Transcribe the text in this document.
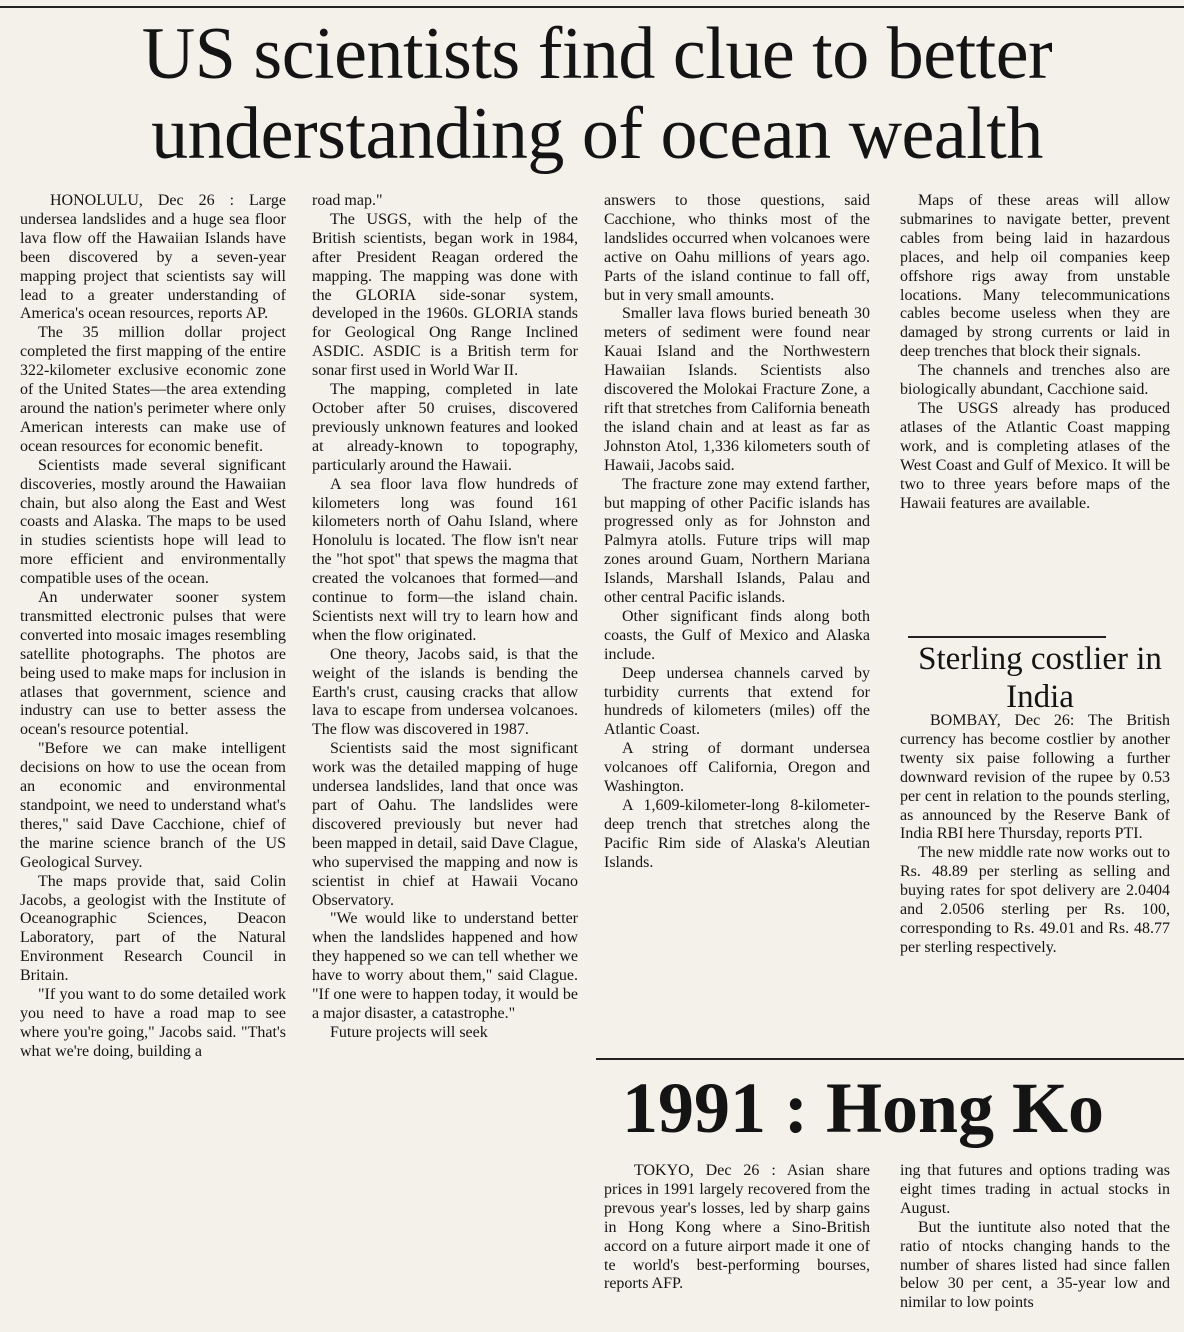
US scientists find clue to better understanding of ocean wealth

HONOLULU, Dec 26 : Large undersea landslides and a huge sea floor lava flow off the Hawaiian Islands have been discovered by a seven-year mapping project that scientists say will lead to a greater understanding of America's ocean resources, reports AP.

The 35 million dollar project completed the first mapping of the entire 322-kilometer exclusive economic zone of the United States—the area extending around the nation's perimeter where only American interests can make use of ocean resources for economic benefit.

Scientists made several significant discoveries, mostly around the Hawaiian chain, but also along the East and West coasts and Alaska. The maps to be used in studies scientists hope will lead to more efficient and environmentally compatible uses of the ocean.

An underwater sooner system transmitted electronic pulses that were converted into mosaic images resembling satellite photographs. The photos are being used to make maps for inclusion in atlases that government, science and industry can use to better assess the ocean's resource potential.

"Before we can make intelligent decisions on how to use the ocean from an economic and environmental standpoint, we need to understand what's theres," said Dave Cacchione, chief of the marine science branch of the US Geological Survey.

The maps provide that, said Colin Jacobs, a geologist with the Institute of Oceanographic Sciences, Deacon Laboratory, part of the Natural Environment Research Council in Britain.

"If you want to do some detailed work you need to have a road map to see where you're going," Jacobs said. "That's what we're doing, building a

road map."

The USGS, with the help of the British scientists, began work in 1984, after President Reagan ordered the mapping. The mapping was done with the GLORIA side-sonar system, developed in the 1960s. GLORIA stands for Geological Ong Range Inclined ASDIC. ASDIC is a British term for sonar first used in World War II.

The mapping, completed in late October after 50 cruises, discovered previously unknown features and looked at already-known to topography, particularly around the Hawaii.

A sea floor lava flow hundreds of kilometers long was found 161 kilometers north of Oahu Island, where Honolulu is located. The flow isn't near the "hot spot" that spews the magma that created the volcanoes that formed—and continue to form—the island chain. Scientists next will try to learn how and when the flow originated.

One theory, Jacobs said, is that the weight of the islands is bending the Earth's crust, causing cracks that allow lava to escape from undersea volcanoes. The flow was discovered in 1987.

Scientists said the most significant work was the detailed mapping of huge undersea landslides, land that once was part of Oahu. The landslides were discovered previously but never had been mapped in detail, said Dave Clague, who supervised the mapping and now is scientist in chief at Hawaii Vocano Observatory.

"We would like to understand better when the landslides happened and how they happened so we can tell whether we have to worry about them," said Clague. "If one were to happen today, it would be a major disaster, a catastrophe."

Future projects will seek

answers to those questions, said Cacchione, who thinks most of the landslides occurred when volcanoes were active on Oahu millions of years ago. Parts of the island continue to fall off, but in very small amounts.

Smaller lava flows buried beneath 30 meters of sediment were found near Kauai Island and the Northwestern Hawaiian Islands. Scientists also discovered the Molokai Fracture Zone, a rift that stretches from California beneath the island chain and at least as far as Johnston Atol, 1,336 kilometers south of Hawaii, Jacobs said.

The fracture zone may extend farther, but mapping of other Pacific islands has progressed only as for Johnston and Palmyra atolls. Future trips will map zones around Guam, Northern Mariana Islands, Marshall Islands, Palau and other central Pacific islands.

Other significant finds along both coasts, the Gulf of Mexico and Alaska include.

Deep undersea channels carved by turbidity currents that extend for hundreds of kilometers (miles) off the Atlantic Coast.

A string of dormant undersea volcanoes off California, Oregon and Washington.

A 1,609-kilometer-long 8-kilometer-deep trench that stretches along the Pacific Rim side of Alaska's Aleutian Islands.

Maps of these areas will allow submarines to navigate better, prevent cables from being laid in hazardous places, and help oil companies keep offshore rigs away from unstable locations. Many telecommunications cables become useless when they are damaged by strong currents or laid in deep trenches that block their signals.

The channels and trenches also are biologically abundant, Cacchione said.

The USGS already has produced atlases of the Atlantic Coast mapping work, and is completing atlases of the West Coast and Gulf of Mexico. It will be two to three years before maps of the Hawaii features are available.

Sterling costlier in India

BOMBAY, Dec 26: The British currency has become costlier by another twenty six paise following a further downward revision of the rupee by 0.53 per cent in relation to the pounds sterling, as announced by the Reserve Bank of India RBI here Thursday, reports PTI.

The new middle rate now works out to Rs. 48.89 per sterling as selling and buying rates for spot delivery are 2.0404 and 2.0506 sterling per Rs. 100, corresponding to Rs. 49.01 and Rs. 48.77 per sterling respectively.

1991 : Hong Ko

TOKYO, Dec 26 : Asian share prices in 1991 largely recovered from the prevous year's losses, led by sharp gains in Hong Kong where a Sino-British accord on a future airport made it one of te world's best-performing bourses, reports AFP.

ing that futures and options trading was eight times trading in actual stocks in August.

But the iuntitute also noted that the ratio of ntocks changing hands to the number of shares listed had since fallen below 30 per cent, a 35-year low and nimilar to low points
